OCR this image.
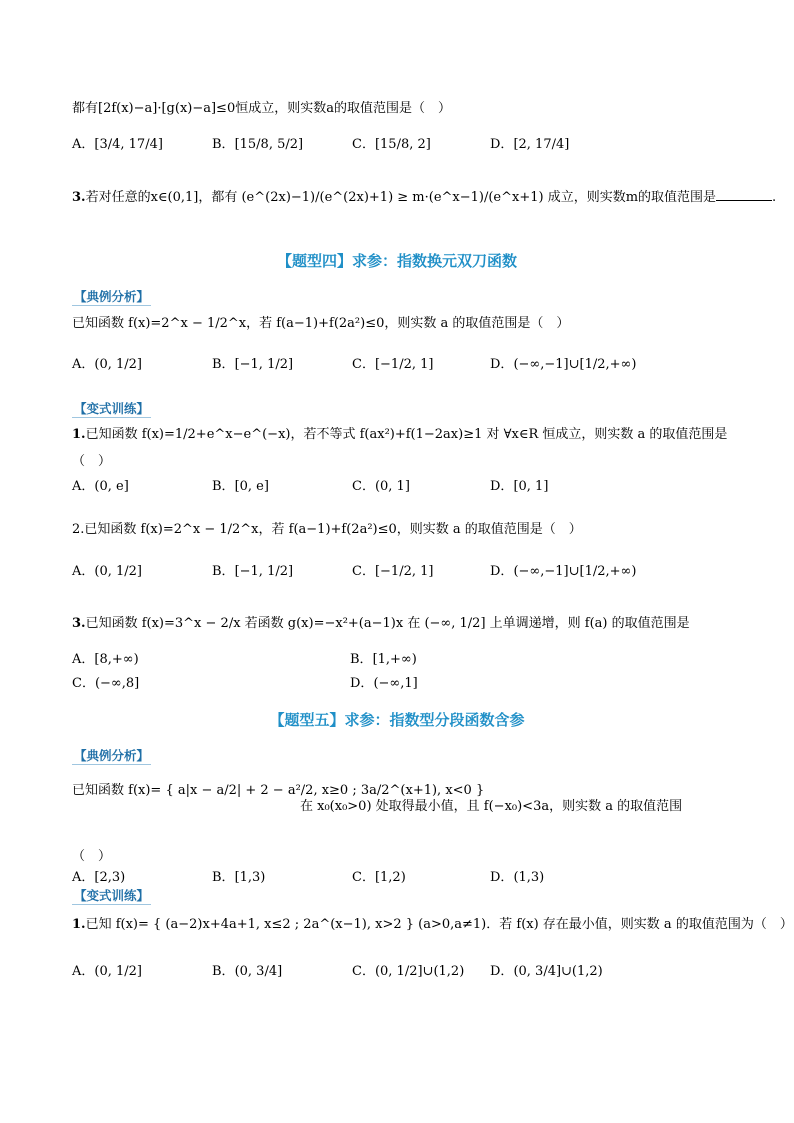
都有[2f(x)−a]·[g(x)−a]≤0恒成立，则实数a的取值范围是（　）
A．[3/4, 17/4]	B．[15/8, 5/2]	C．[15/8, 2]	D．[2, 17/4]
3.若对任意的x∈(0,1]，都有 (e^(2x)−1)/(e^(2x)+1) ≥ m·(e^x−1)/(e^x+1) 成立，则实数m的取值范围是	.
【题型四】求参：指数换元双刀函数
【典例分析】
已知函数 f(x)=2^x − 1/2^x，若 f(a−1)+f(2a²)≤0，则实数 a 的取值范围是（　）
A．(0, 1/2]	B．[−1, 1/2]	C．[−1/2, 1]	D．(−∞,−1]∪[1/2,+∞)
【变式训练】
1.已知函数 f(x)=1/2+e^x−e^(−x)，若不等式 f(ax²)+f(1−2ax)≥1 对 ∀x∈R 恒成立，则实数 a 的取值范围是
（　）
A．(0, e]	B．[0, e]	C．(0, 1]	D．[0, 1]
2.已知函数 f(x)=2^x − 1/2^x，若 f(a−1)+f(2a²)≤0，则实数 a 的取值范围是（　）
A．(0, 1/2]	B．[−1, 1/2]	C．[−1/2, 1]	D．(−∞,−1]∪[1/2,+∞)
3.已知函数 f(x)=3^x − 2/x 若函数 g(x)=−x²+(a−1)x 在 (−∞, 1/2] 上单调递增，则 f(a) 的取值范围是
A．[8,+∞)	B．[1,+∞)
C．(−∞,8]	D．(−∞,1]
【题型五】求参：指数型分段函数含参
【典例分析】
已知函数 f(x)= { a|x − a/2| + 2 − a²/2, x≥0 ; 3a/2^(x+1), x<0 }
在 x₀(x₀>0) 处取得最小值，且 f(−x₀)<3a，则实数 a 的取值范围
（　）
A．[2,3)	B．[1,3)	C．[1,2)	D．(1,3)
【变式训练】
1.已知 f(x)= { (a−2)x+4a+1, x≤2 ; 2a^(x−1), x>2 } (a>0,a≠1)．若 f(x) 存在最小值，则实数 a 的取值范围为（　）
A．(0, 1/2]	B．(0, 3/4]	C．(0, 1/2]∪(1,2) D．(0, 3/4]∪(1,2)
